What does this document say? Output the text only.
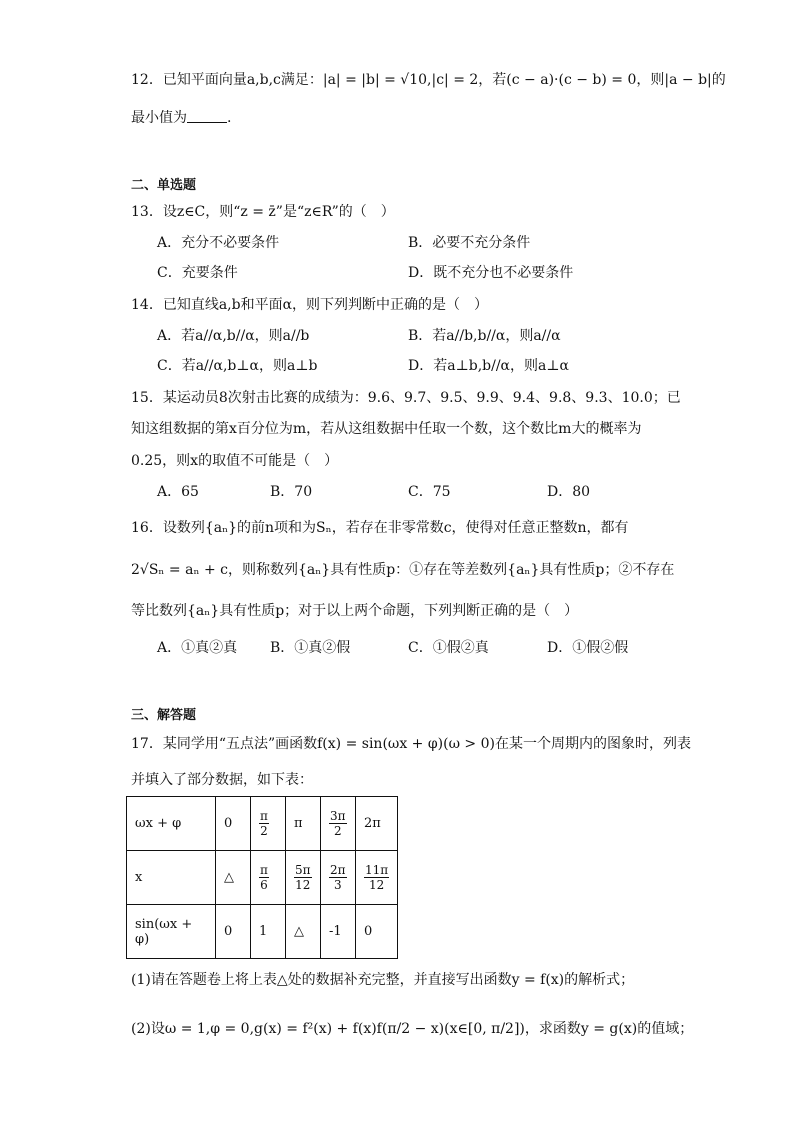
12．已知平面向量a,b,c满足：|a| = |b| = √10,|c| = 2，若(c − a)·(c − b) = 0，则|a − b|的
最小值为	.
二、单选题
13．设z∈C，则“z = z̄”是“z∈R”的（　）
A．充分不必要条件	B．必要不充分条件
C．充要条件	D．既不充分也不必要条件
14．已知直线a,b和平面α，则下列判断中正确的是（　）
A．若a//α,b//α，则a//b	B．若a//b,b//α，则a//α
C．若a//α,b⊥α，则a⊥b	D．若a⊥b,b//α，则a⊥α
15．某运动员8次射击比赛的成绩为：9.6、9.7、9.5、9.9、9.4、9.8、9.3、10.0；已
知这组数据的第x百分位为m，若从这组数据中任取一个数，这个数比m大的概率为
0.25，则x的取值不可能是（　）
A．65	B．70	C．75	D．80
16．设数列{aₙ}的前n项和为Sₙ，若存在非零常数c，使得对任意正整数n，都有
2√Sₙ = aₙ + c，则称数列{aₙ}具有性质p：①存在等差数列{aₙ}具有性质p；②不存在
等比数列{aₙ}具有性质p；对于以上两个命题，下列判断正确的是（　）
A．①真②真 B．①真②假	C．①假②真	D．①假②假
三、解答题
17．某同学用“五点法”画函数f(x) = sin(ωx + φ)(ω > 0)在某一个周期内的图象时，列表
并填入了部分数据，如下表：
ωx + φ	0	$\frac{\pi}{2}$	π	$\frac{3\pi}{2}$	2π
x	△	$\frac{\pi}{6}$	$\frac{5\pi}{12}$	$\frac{2\pi}{3}$	$\frac{11\pi}{12}$

sin(ωx + φ)	0	1	△	-1	0
(1)请在答题卷上将上表△处的数据补充完整，并直接写出函数y = f(x)的解析式；
(2)设ω = 1,φ = 0,g(x) = f²(x) + f(x)f(π/2 − x)(x∈[0, π/2])，求函数y = g(x)的值域；
